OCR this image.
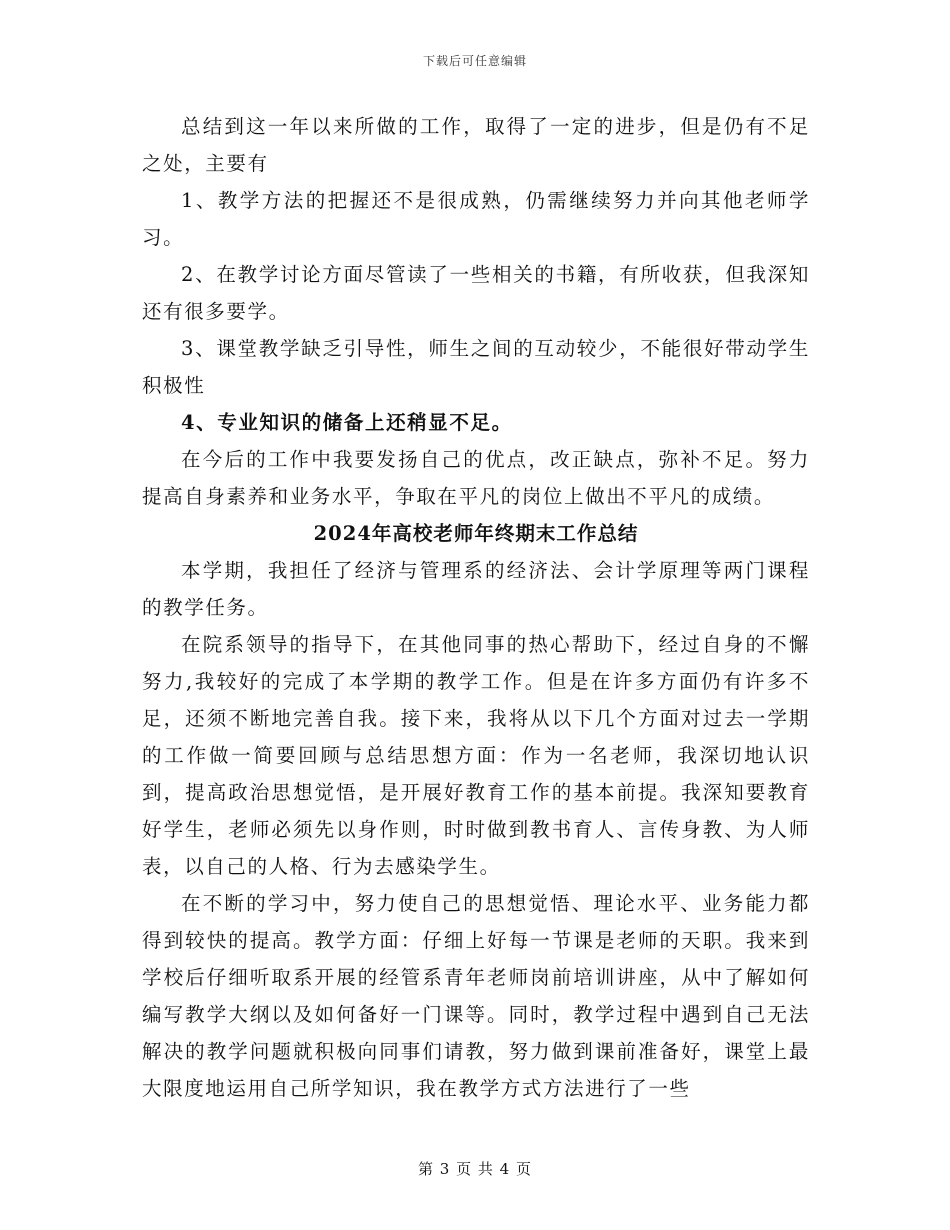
下载后可任意编辑

总结到这一年以来所做的工作，取得了一定的进步，但是仍有不足之处，主要有

1、教学方法的把握还不是很成熟，仍需继续努力并向其他老师学习。

2、在教学讨论方面尽管读了一些相关的书籍，有所收获，但我深知还有很多要学。

3、课堂教学缺乏引导性，师生之间的互动较少，不能很好带动学生积极性

4、专业知识的储备上还稍显不足。

在今后的工作中我要发扬自己的优点，改正缺点，弥补不足。努力提高自身素养和业务水平，争取在平凡的岗位上做出不平凡的成绩。

2024年高校老师年终期末工作总结

本学期，我担任了经济与管理系的经济法、会计学原理等两门课程的教学任务。

在院系领导的指导下，在其他同事的热心帮助下，经过自身的不懈努力,我较好的完成了本学期的教学工作。但是在许多方面仍有许多不足，还须不断地完善自我。接下来，我将从以下几个方面对过去一学期的工作做一简要回顾与总结思想方面：作为一名老师，我深切地认识到，提高政治思想觉悟，是开展好教育工作的基本前提。我深知要教育好学生，老师必须先以身作则，时时做到教书育人、言传身教、为人师表，以自己的人格、行为去感染学生。

在不断的学习中，努力使自己的思想觉悟、理论水平、业务能力都得到较快的提高。教学方面：仔细上好每一节课是老师的天职。我来到学校后仔细听取系开展的经管系青年老师岗前培训讲座，从中了解如何编写教学大纲以及如何备好一门课等。同时，教学过程中遇到自己无法解决的教学问题就积极向同事们请教，努力做到课前准备好，课堂上最大限度地运用自己所学知识，我在教学方式方法进行了一些

第 3 页 共 4 页
